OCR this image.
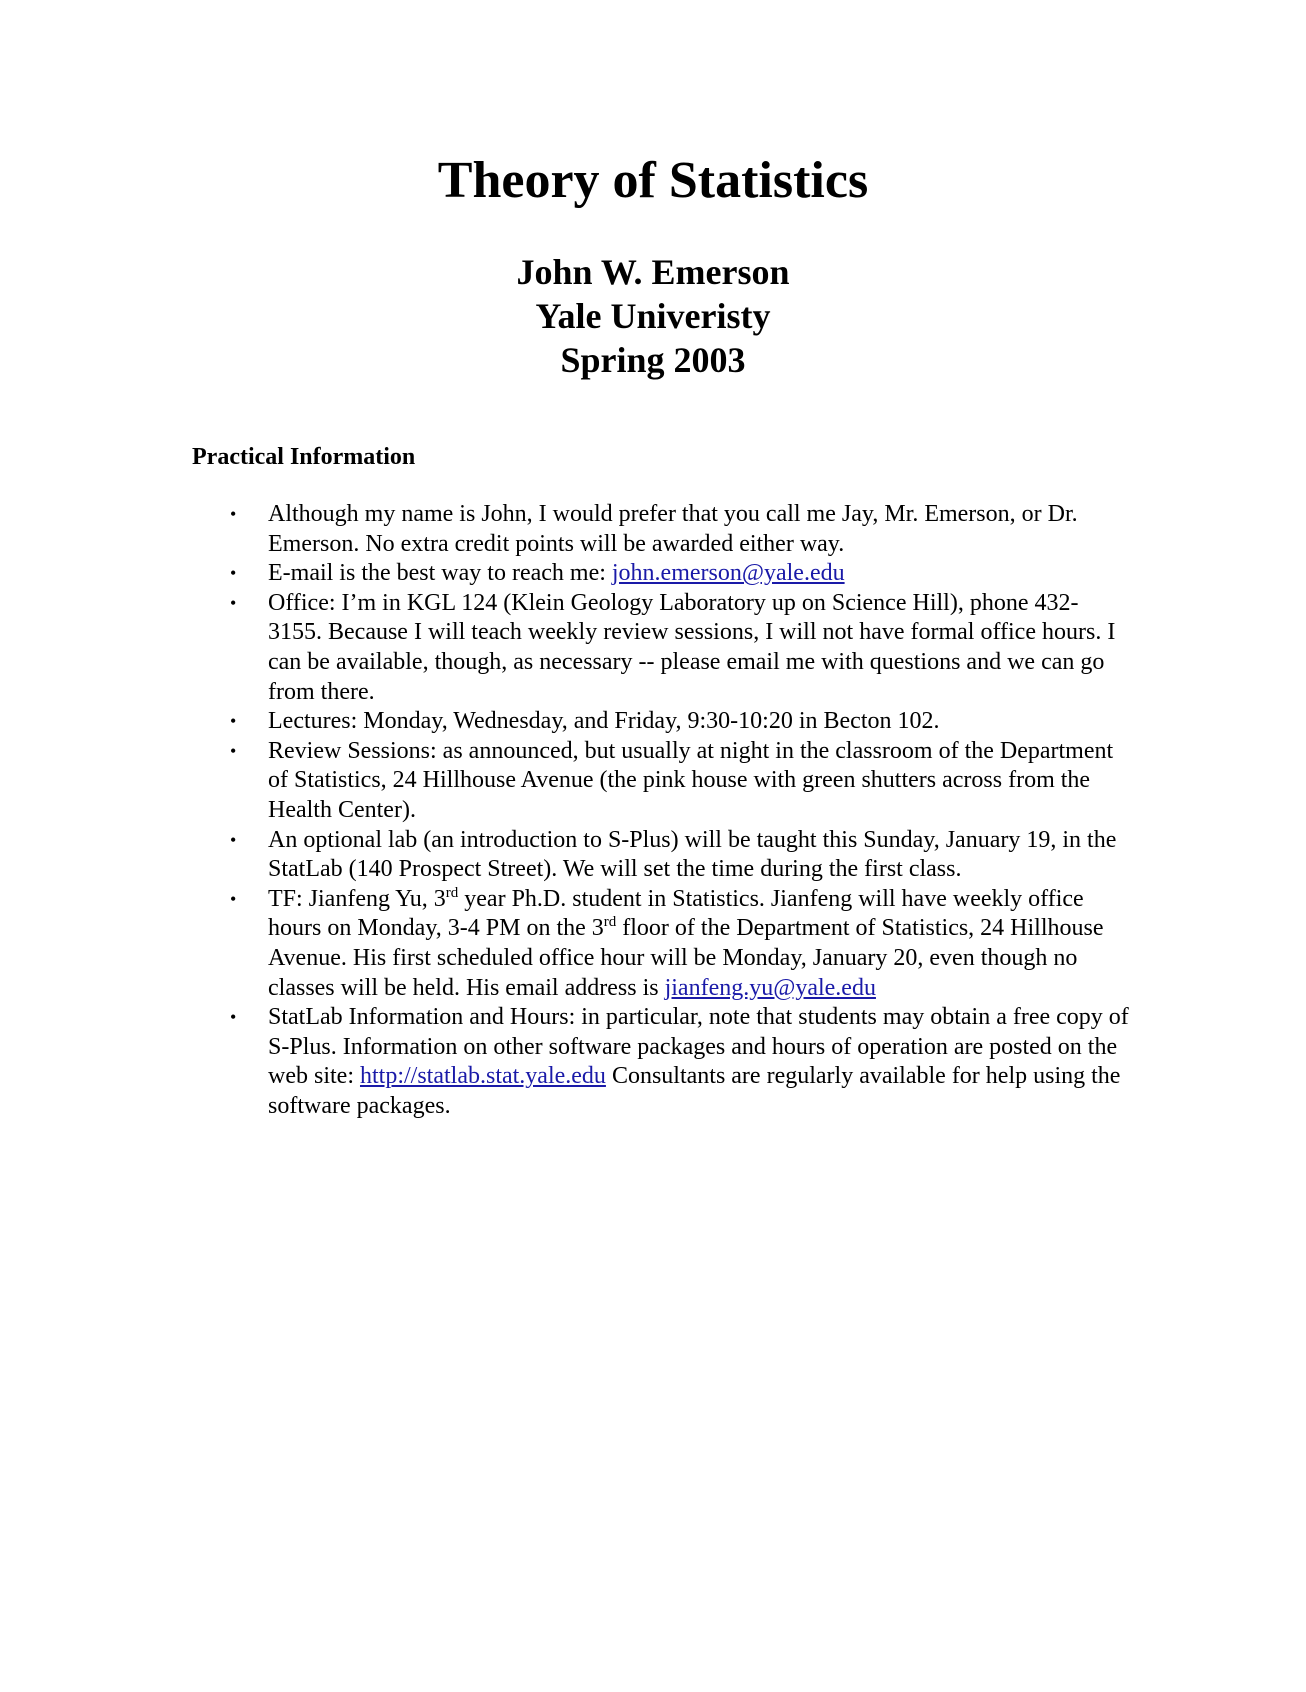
Theory of Statistics
John W. Emerson
Yale Univeristy
Spring 2003
Practical Information
• Although my name is John, I would prefer that you call me Jay, Mr. Emerson, or Dr. Emerson. No extra credit points will be awarded either way.
• E-mail is the best way to reach me: john.emerson@yale.edu
• Office: I’m in KGL 124 (Klein Geology Laboratory up on Science Hill), phone 432-3155. Because I will teach weekly review sessions, I will not have formal office hours. I can be available, though, as necessary -- please email me with questions and we can go from there.
• Lectures: Monday, Wednesday, and Friday, 9:30-10:20 in Becton 102.
• Review Sessions: as announced, but usually at night in the classroom of the Department of Statistics, 24 Hillhouse Avenue (the pink house with green shutters across from the Health Center).
• An optional lab (an introduction to S-Plus) will be taught this Sunday, January 19, in the StatLab (140 Prospect Street). We will set the time during the first class.
• TF: Jianfeng Yu, 3rd year Ph.D. student in Statistics. Jianfeng will have weekly office hours on Monday, 3-4 PM on the 3rd floor of the Department of Statistics, 24 Hillhouse Avenue. His first scheduled office hour will be Monday, January 20, even though no classes will be held. His email address is jianfeng.yu@yale.edu
• StatLab Information and Hours: in particular, note that students may obtain a free copy of S-Plus. Information on other software packages and hours of operation are posted on the web site: http://statlab.stat.yale.edu Consultants are regularly available for help using the software packages.
